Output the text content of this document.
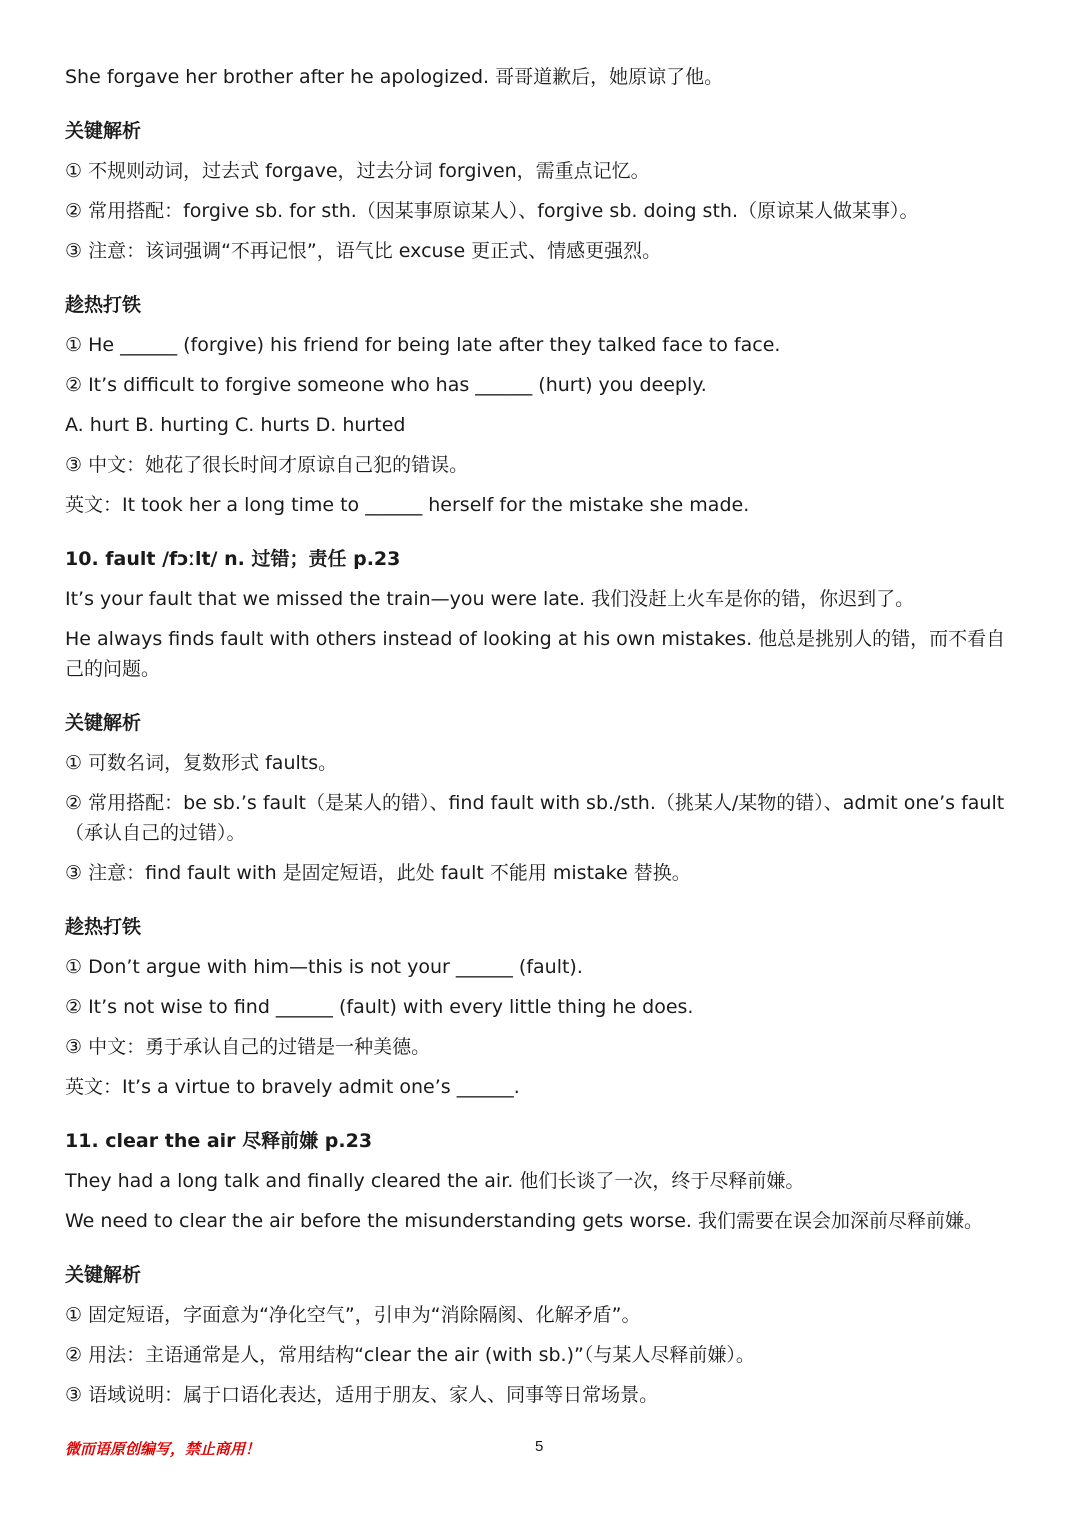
She forgave her brother after he apologized. 哥哥道歉后，她原谅了他。
关键解析
① 不规则动词，过去式 forgave，过去分词 forgiven，需重点记忆。
② 常用搭配：forgive sb. for sth.（因某事原谅某人）、forgive sb. doing sth.（原谅某人做某事）。
③ 注意：该词强调“不再记恨”，语气比 excuse 更正式、情感更强烈。
趁热打铁
① He ______ (forgive) his friend for being late after they talked face to face.
② It’s difficult to forgive someone who has ______ (hurt) you deeply.
A. hurt B. hurting C. hurts D. hurted
③ 中文：她花了很长时间才原谅自己犯的错误。
英文：It took her a long time to ______ herself for the mistake she made.
10. fault /fɔːlt/ n. 过错；责任 p.23
It’s your fault that we missed the train—you were late. 我们没赶上火车是你的错，你迟到了。
He always finds fault with others instead of looking at his own mistakes. 他总是挑别人的错，而不看自己的问题。
关键解析
① 可数名词，复数形式 faults。
② 常用搭配：be sb.’s fault（是某人的错）、find fault with sb./sth.（挑某人/某物的错）、admit one’s fault（承认自己的过错）。
③ 注意：find fault with 是固定短语，此处 fault 不能用 mistake 替换。
趁热打铁
① Don’t argue with him—this is not your ______ (fault).
② It’s not wise to find ______ (fault) with every little thing he does.
③ 中文：勇于承认自己的过错是一种美德。
英文：It’s a virtue to bravely admit one’s ______.
11. clear the air 尽释前嫌 p.23
They had a long talk and finally cleared the air. 他们长谈了一次，终于尽释前嫌。
We need to clear the air before the misunderstanding gets worse. 我们需要在误会加深前尽释前嫌。
关键解析
① 固定短语，字面意为“净化空气”，引申为“消除隔阂、化解矛盾”。
② 用法：主语通常是人，常用结构“clear the air (with sb.)”（与某人尽释前嫌）。
③ 语域说明：属于口语化表达，适用于朋友、家人、同事等日常场景。
微而语原创编写，禁止商用！	5
